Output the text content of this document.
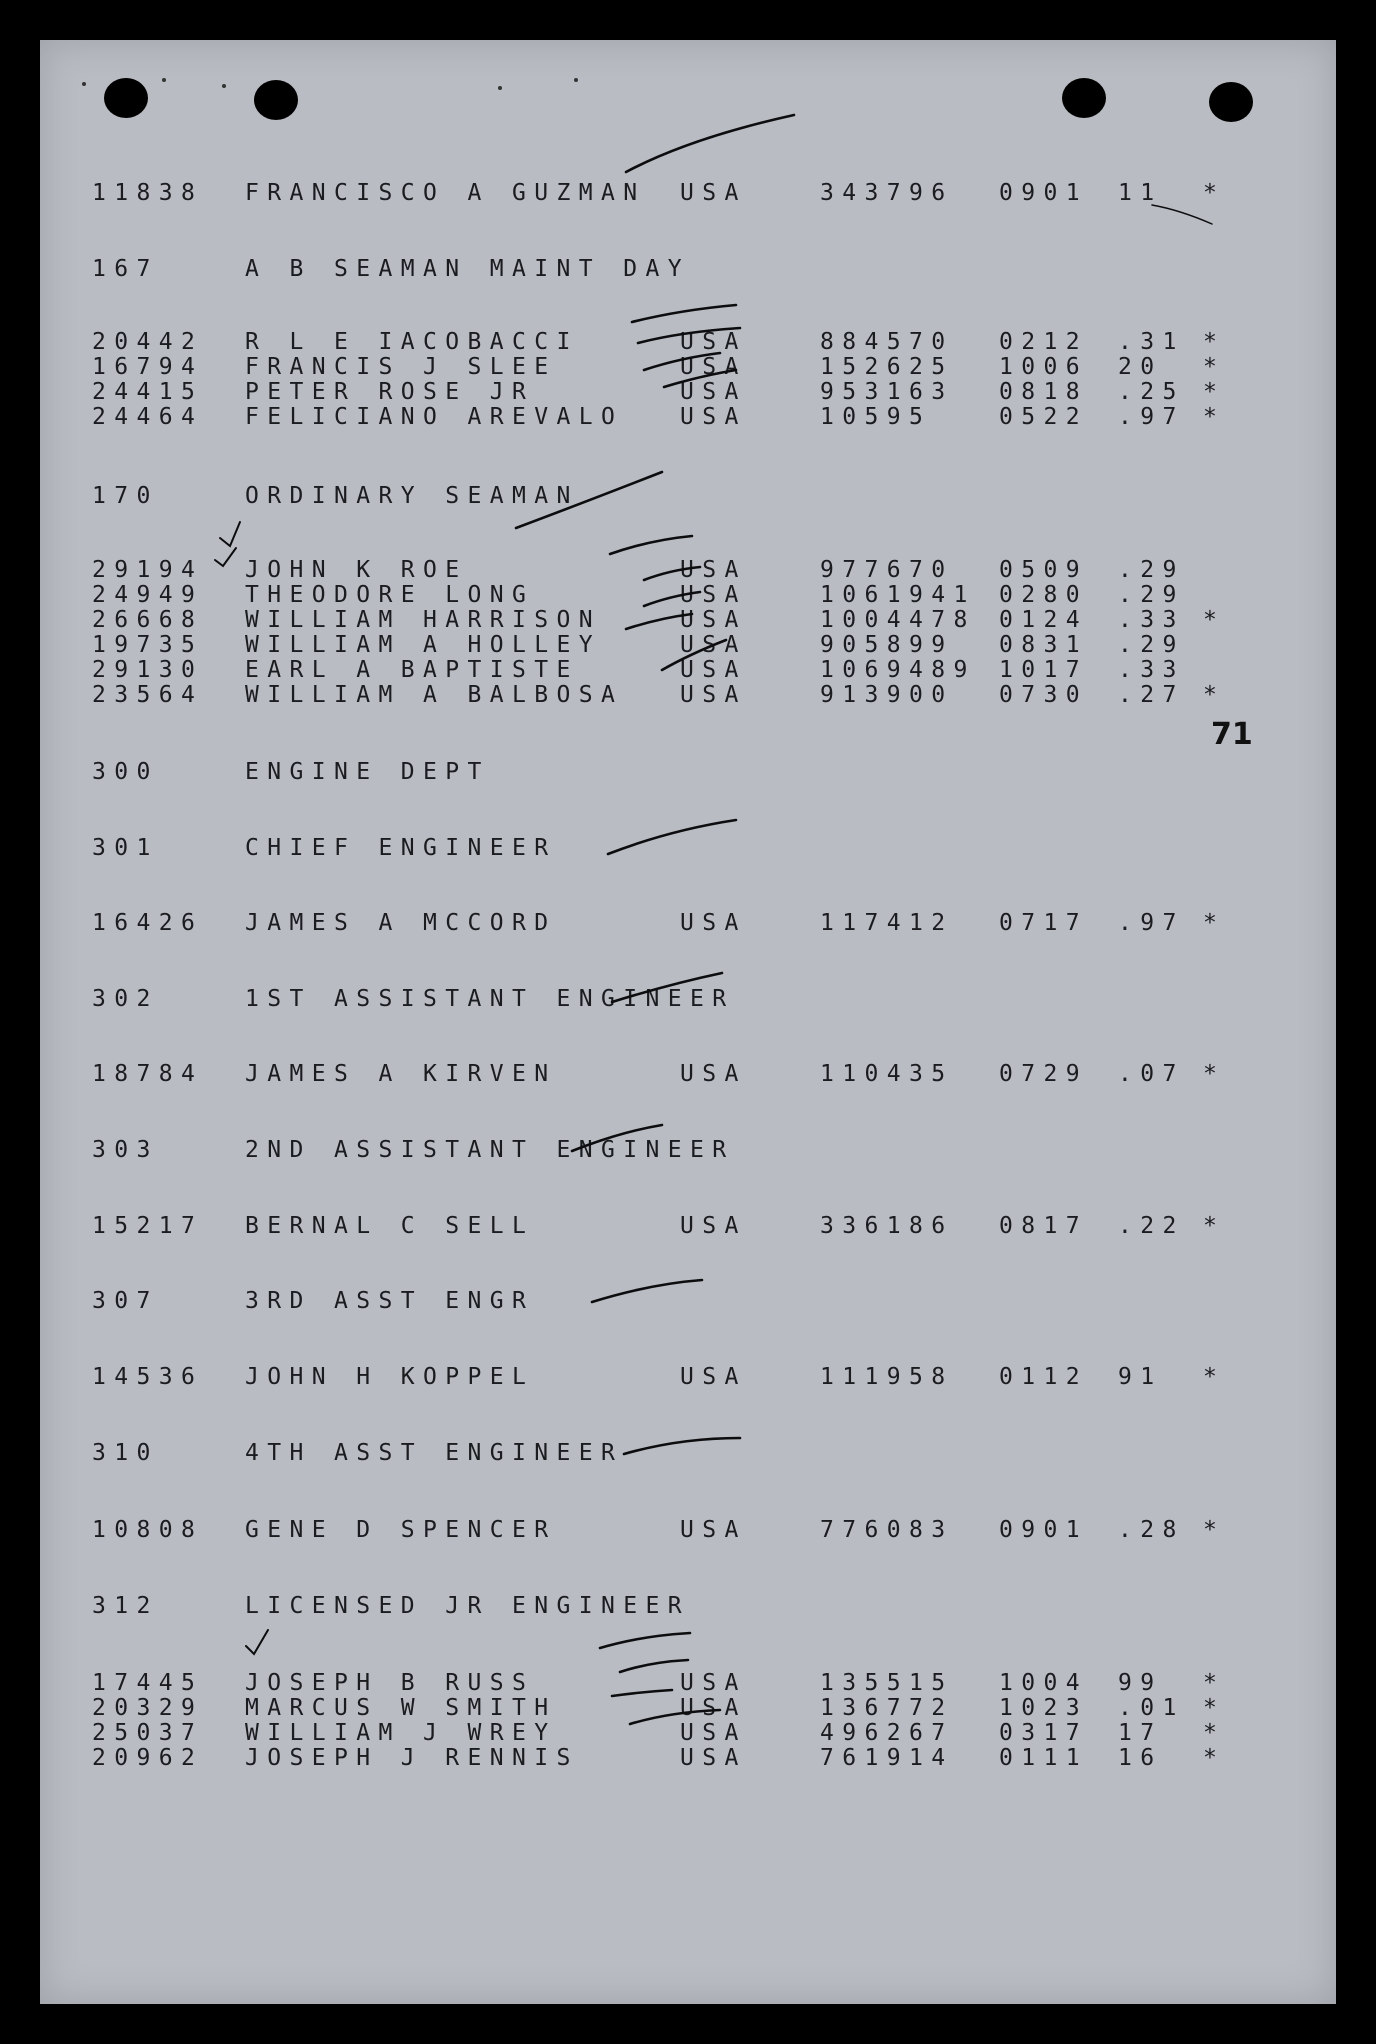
11838 FRANCISCO A GUZMAN USA	343796 0901 11 *
167	A B SEAMAN MAINT DAY
20442 R L E IACOBACCI	USA	884570 0212 .31 *
16794 FRANCIS J SLEE	USA	152625 1006 20 *
24415 PETER ROSE JR	USA	953163 0818 .25 *
24464 FELICIANO AREVALO USA	10595	0522 .97 *
170	ORDINARY SEAMAN
29194 JOHN K ROE	USA	977670 0509 .29
24949 THEODORE LONG	USA	1061941 0280 .29
26668 WILLIAM HARRISON	USA	1004478 0124 .33 *
19735 WILLIAM A HOLLEY	USA	905899 0831 .29
29130 EARL A BAPTISTE	USA	1069489 1017 .33
23564 WILLIAM A BALBOSA USA	913900 0730 .27 *
300	ENGINE DEPT
301	CHIEF ENGINEER
16426 JAMES A MCCORD	USA	117412 0717 .97 *
302	1ST ASSISTANT ENGINEER
18784 JAMES A KIRVEN	USA	110435 0729 .07 *
303	2ND ASSISTANT ENGINEER
15217 BERNAL C SELL	USA	336186 0817 .22 *
307	3RD ASST ENGR
14536 JOHN H KOPPEL	USA	111958 0112 91 *
310	4TH ASST ENGINEER
10808 GENE D SPENCER	USA	776083 0901 .28 *
312	LICENSED JR ENGINEER
17445 JOSEPH B RUSS	USA	135515 1004 99 *
20329 MARCUS W SMITH	USA	136772 1023 .01 *
25037 WILLIAM J WREY	USA	496267 0317 17 *
20962 JOSEPH J RENNIS	USA	761914 0111 16 *
71
